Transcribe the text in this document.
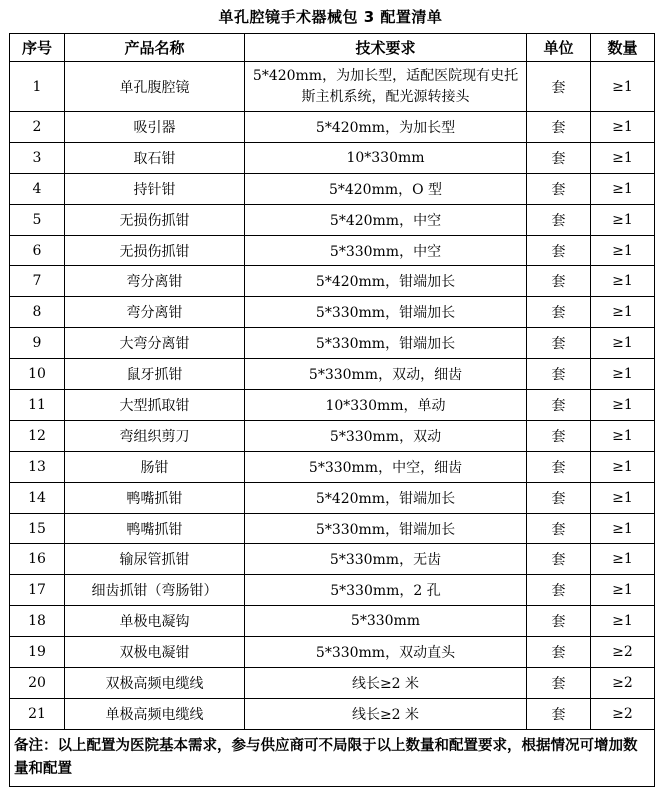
单孔腔镜手术器械包 3 配置清单
序号	产品名称	技术要求	单位	数量
1	单孔腹腔镜	5*420mm，为加长型，适配医院现有史托斯主机系统，配光源转接头	套	≥1
2	吸引器	5*420mm，为加长型	套	≥1
3	取石钳	10*330mm	套	≥1
4	持针钳	5*420mm，O 型	套	≥1
5	无损伤抓钳	5*420mm，中空	套	≥1
6	无损伤抓钳	5*330mm，中空	套	≥1
7	弯分离钳	5*420mm，钳端加长	套	≥1
8	弯分离钳	5*330mm，钳端加长	套	≥1
9	大弯分离钳	5*330mm，钳端加长	套	≥1
10	鼠牙抓钳	5*330mm，双动，细齿	套	≥1
11	大型抓取钳	10*330mm，单动	套	≥1
12	弯组织剪刀	5*330mm，双动	套	≥1
13	肠钳	5*330mm，中空，细齿	套	≥1
14	鸭嘴抓钳	5*420mm，钳端加长	套	≥1
15	鸭嘴抓钳	5*330mm，钳端加长	套	≥1
16	输尿管抓钳	5*330mm，无齿	套	≥1
17	细齿抓钳（弯肠钳）	5*330mm，2 孔	套	≥1
18	单极电凝钩	5*330mm	套	≥1
19	双极电凝钳	5*330mm，双动直头	套	≥2
20	双极高频电缆线	线长≥2 米	套	≥2
21	单极高频电缆线	线长≥2 米	套	≥2
备注：以上配置为医院基本需求，参与供应商可不局限于以上数量和配置要求，根据情况可增加数量和配置				
